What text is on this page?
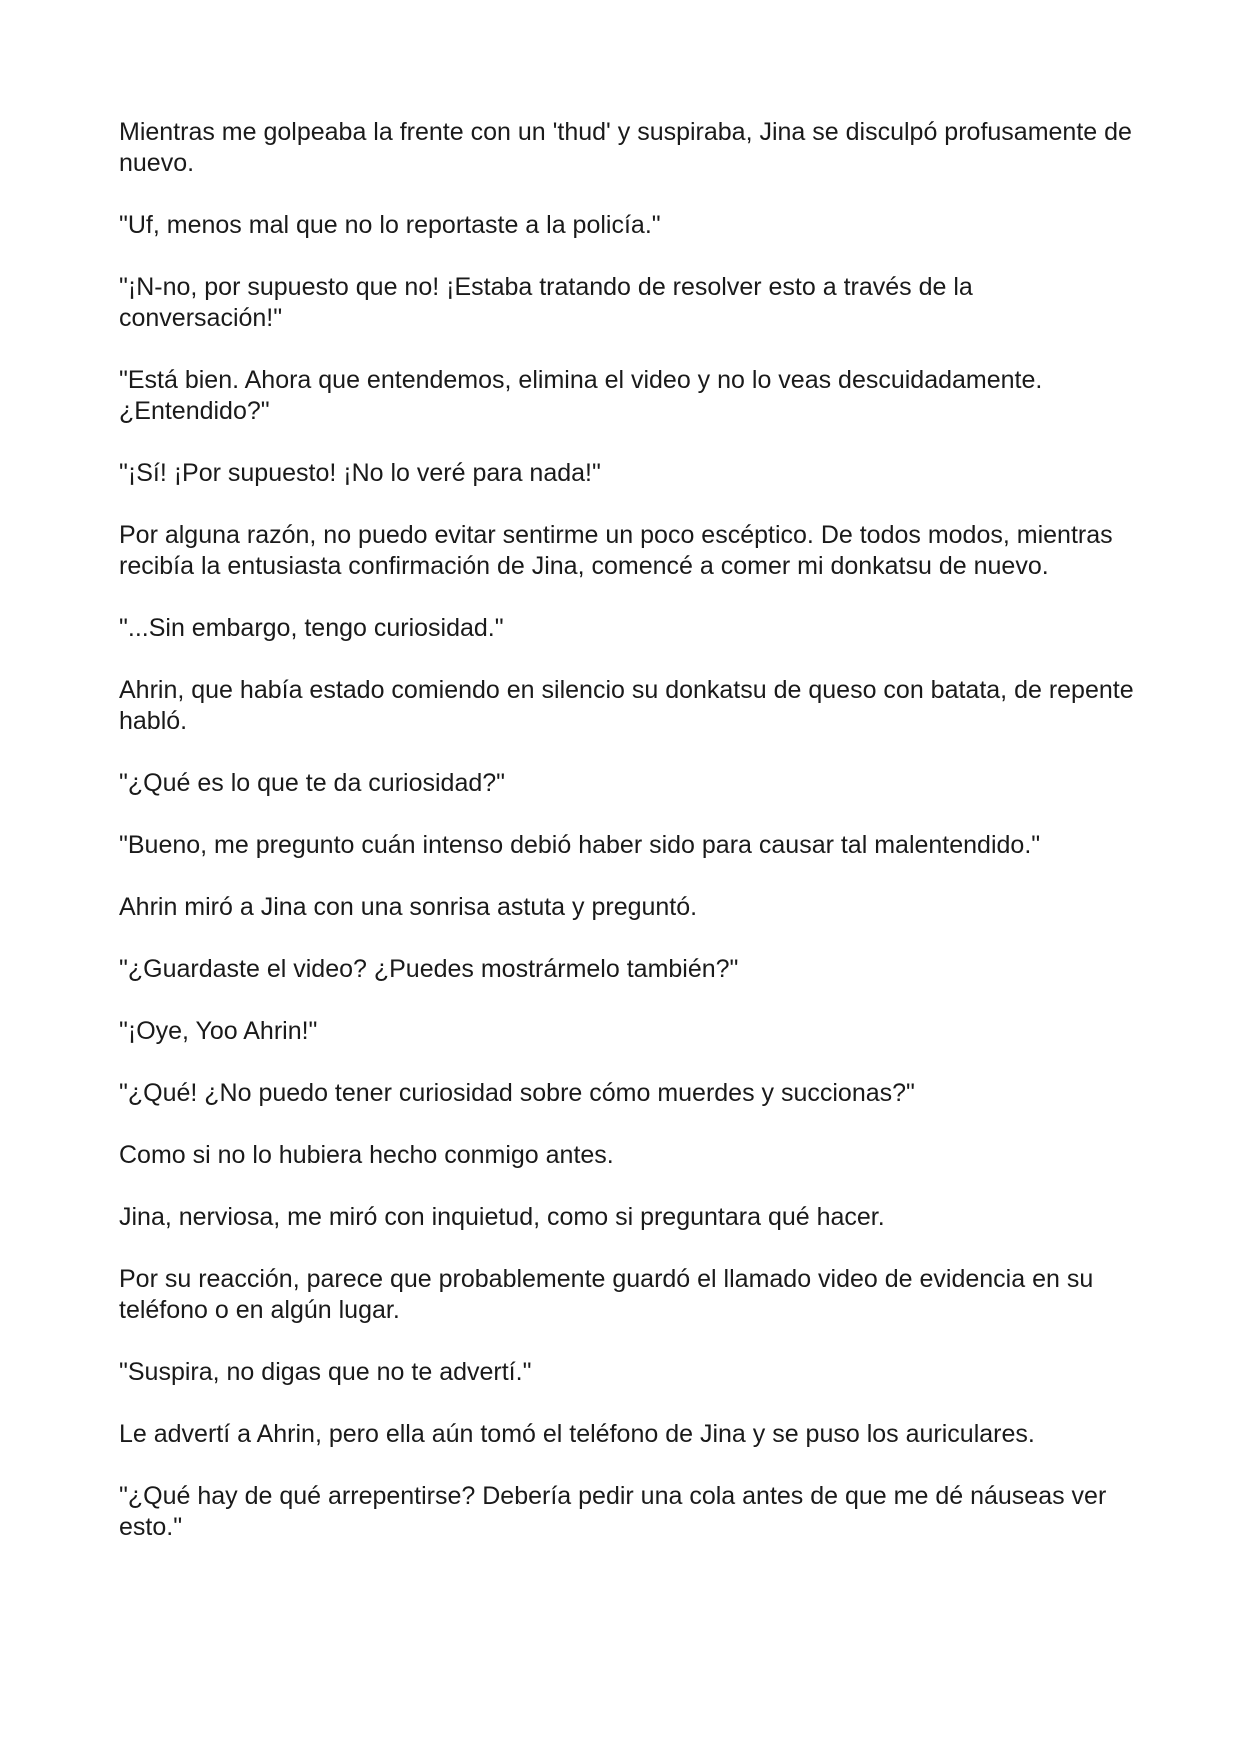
Mientras me golpeaba la frente con un 'thud' y suspiraba, Jina se disculpó profusamente de nuevo.

"Uf, menos mal que no lo reportaste a la policía."

"¡N-no, por supuesto que no! ¡Estaba tratando de resolver esto a través de la conversación!"

"Está bien. Ahora que entendemos, elimina el video y no lo veas descuidadamente. ¿Entendido?"

"¡Sí! ¡Por supuesto! ¡No lo veré para nada!"

Por alguna razón, no puedo evitar sentirme un poco escéptico. De todos modos, mientras recibía la entusiasta confirmación de Jina, comencé a comer mi donkatsu de nuevo.

"...Sin embargo, tengo curiosidad."

Ahrin, que había estado comiendo en silencio su donkatsu de queso con batata, de repente habló.

"¿Qué es lo que te da curiosidad?"

"Bueno, me pregunto cuán intenso debió haber sido para causar tal malentendido."

Ahrin miró a Jina con una sonrisa astuta y preguntó.

"¿Guardaste el video? ¿Puedes mostrármelo también?"

"¡Oye, Yoo Ahrin!"

"¿Qué! ¿No puedo tener curiosidad sobre cómo muerdes y succionas?"

Como si no lo hubiera hecho conmigo antes.

Jina, nerviosa, me miró con inquietud, como si preguntara qué hacer.

Por su reacción, parece que probablemente guardó el llamado video de evidencia en su teléfono o en algún lugar.

"Suspira, no digas que no te advertí."

Le advertí a Ahrin, pero ella aún tomó el teléfono de Jina y se puso los auriculares.

"¿Qué hay de qué arrepentirse? Debería pedir una cola antes de que me dé náuseas ver esto."
